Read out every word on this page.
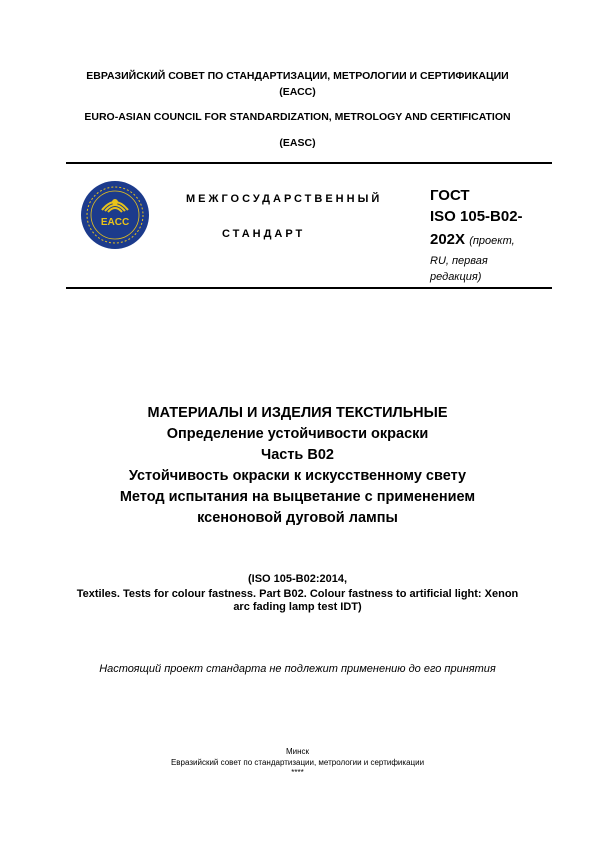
ЕВРАЗИЙСКИЙ СОВЕТ ПО СТАНДАРТИЗАЦИИ, МЕТРОЛОГИИ И СЕРТИФИКАЦИИ
(ЕАСС)
EURO-ASIAN COUNCIL FOR STANDARDIZATION, METROLOGY AND CERTIFICATION
(EASC)
EACC
МЕЖГОСУДАРСТВЕННЫЙ
СТАНДАРТ
ГОСТ
ISO 105-B02-
202X (проект,
RU, первая
редакция)
МАТЕРИАЛЫ И ИЗДЕЛИЯ ТЕКСТИЛЬНЫЕ
Определение устойчивости окраски
Часть B02
Устойчивость окраски к искусственному свету
Метод испытания на выцветание с применением
ксеноновой дуговой лампы
(ISO 105-B02:2014,
Textiles. Tests for colour fastness. Part B02. Colour fastness to artificial light: Xenon
arc fading lamp test IDT)
Настоящий проект стандарта не подлежит применению до его принятия
Минск
Евразийский совет по стандартизации, метрологии и сертификации
****
